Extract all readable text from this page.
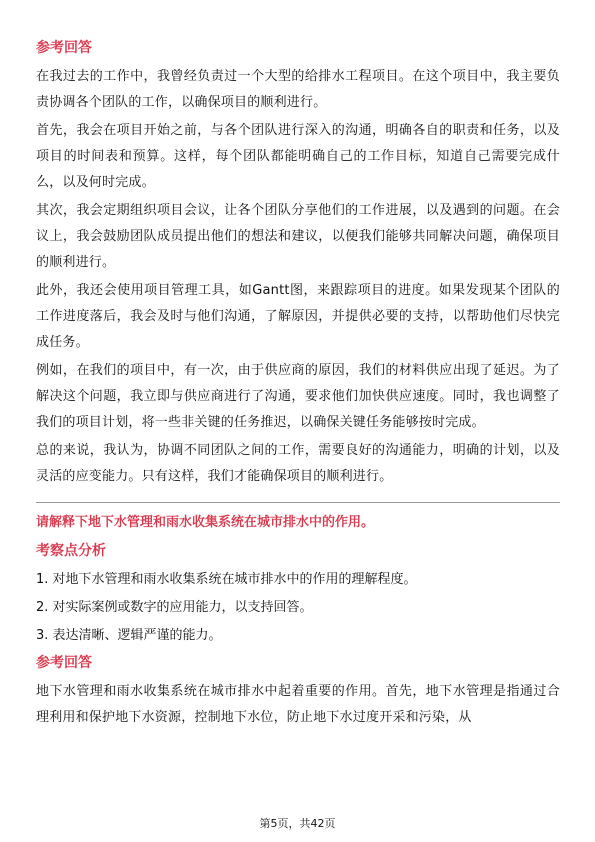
参考回答

在我过去的工作中，我曾经负责过一个大型的给排水工程项目。在这个项目中，我主要负责协调各个团队的工作，以确保项目的顺利进行。

首先，我会在项目开始之前，与各个团队进行深入的沟通，明确各自的职责和任务，以及项目的时间表和预算。这样，每个团队都能明确自己的工作目标，知道自己需要完成什么，以及何时完成。

其次，我会定期组织项目会议，让各个团队分享他们的工作进展，以及遇到的问题。在会议上，我会鼓励团队成员提出他们的想法和建议，以便我们能够共同解决问题，确保项目的顺利进行。

此外，我还会使用项目管理工具，如Gantt图，来跟踪项目的进度。如果发现某个团队的工作进度落后，我会及时与他们沟通，了解原因，并提供必要的支持，以帮助他们尽快完成任务。

例如，在我们的项目中，有一次，由于供应商的原因，我们的材料供应出现了延迟。为了解决这个问题，我立即与供应商进行了沟通，要求他们加快供应速度。同时，我也调整了我们的项目计划，将一些非关键的任务推迟，以确保关键任务能够按时完成。

总的来说，我认为，协调不同团队之间的工作，需要良好的沟通能力，明确的计划，以及灵活的应变能力。只有这样，我们才能确保项目的顺利进行。

请解释下地下水管理和雨水收集系统在城市排水中的作用。
考察点分析
1. 对地下水管理和雨水收集系统在城市排水中的作用的理解程度。
2. 对实际案例或数字的应用能力，以支持回答。
3. 表达清晰、逻辑严谨的能力。
参考回答

地下水管理和雨水收集系统在城市排水中起着重要的作用。首先，地下水管理是指通过合理利用和保护地下水资源，控制地下水位，防止地下水过度开采和污染，从

第5页，共42页
